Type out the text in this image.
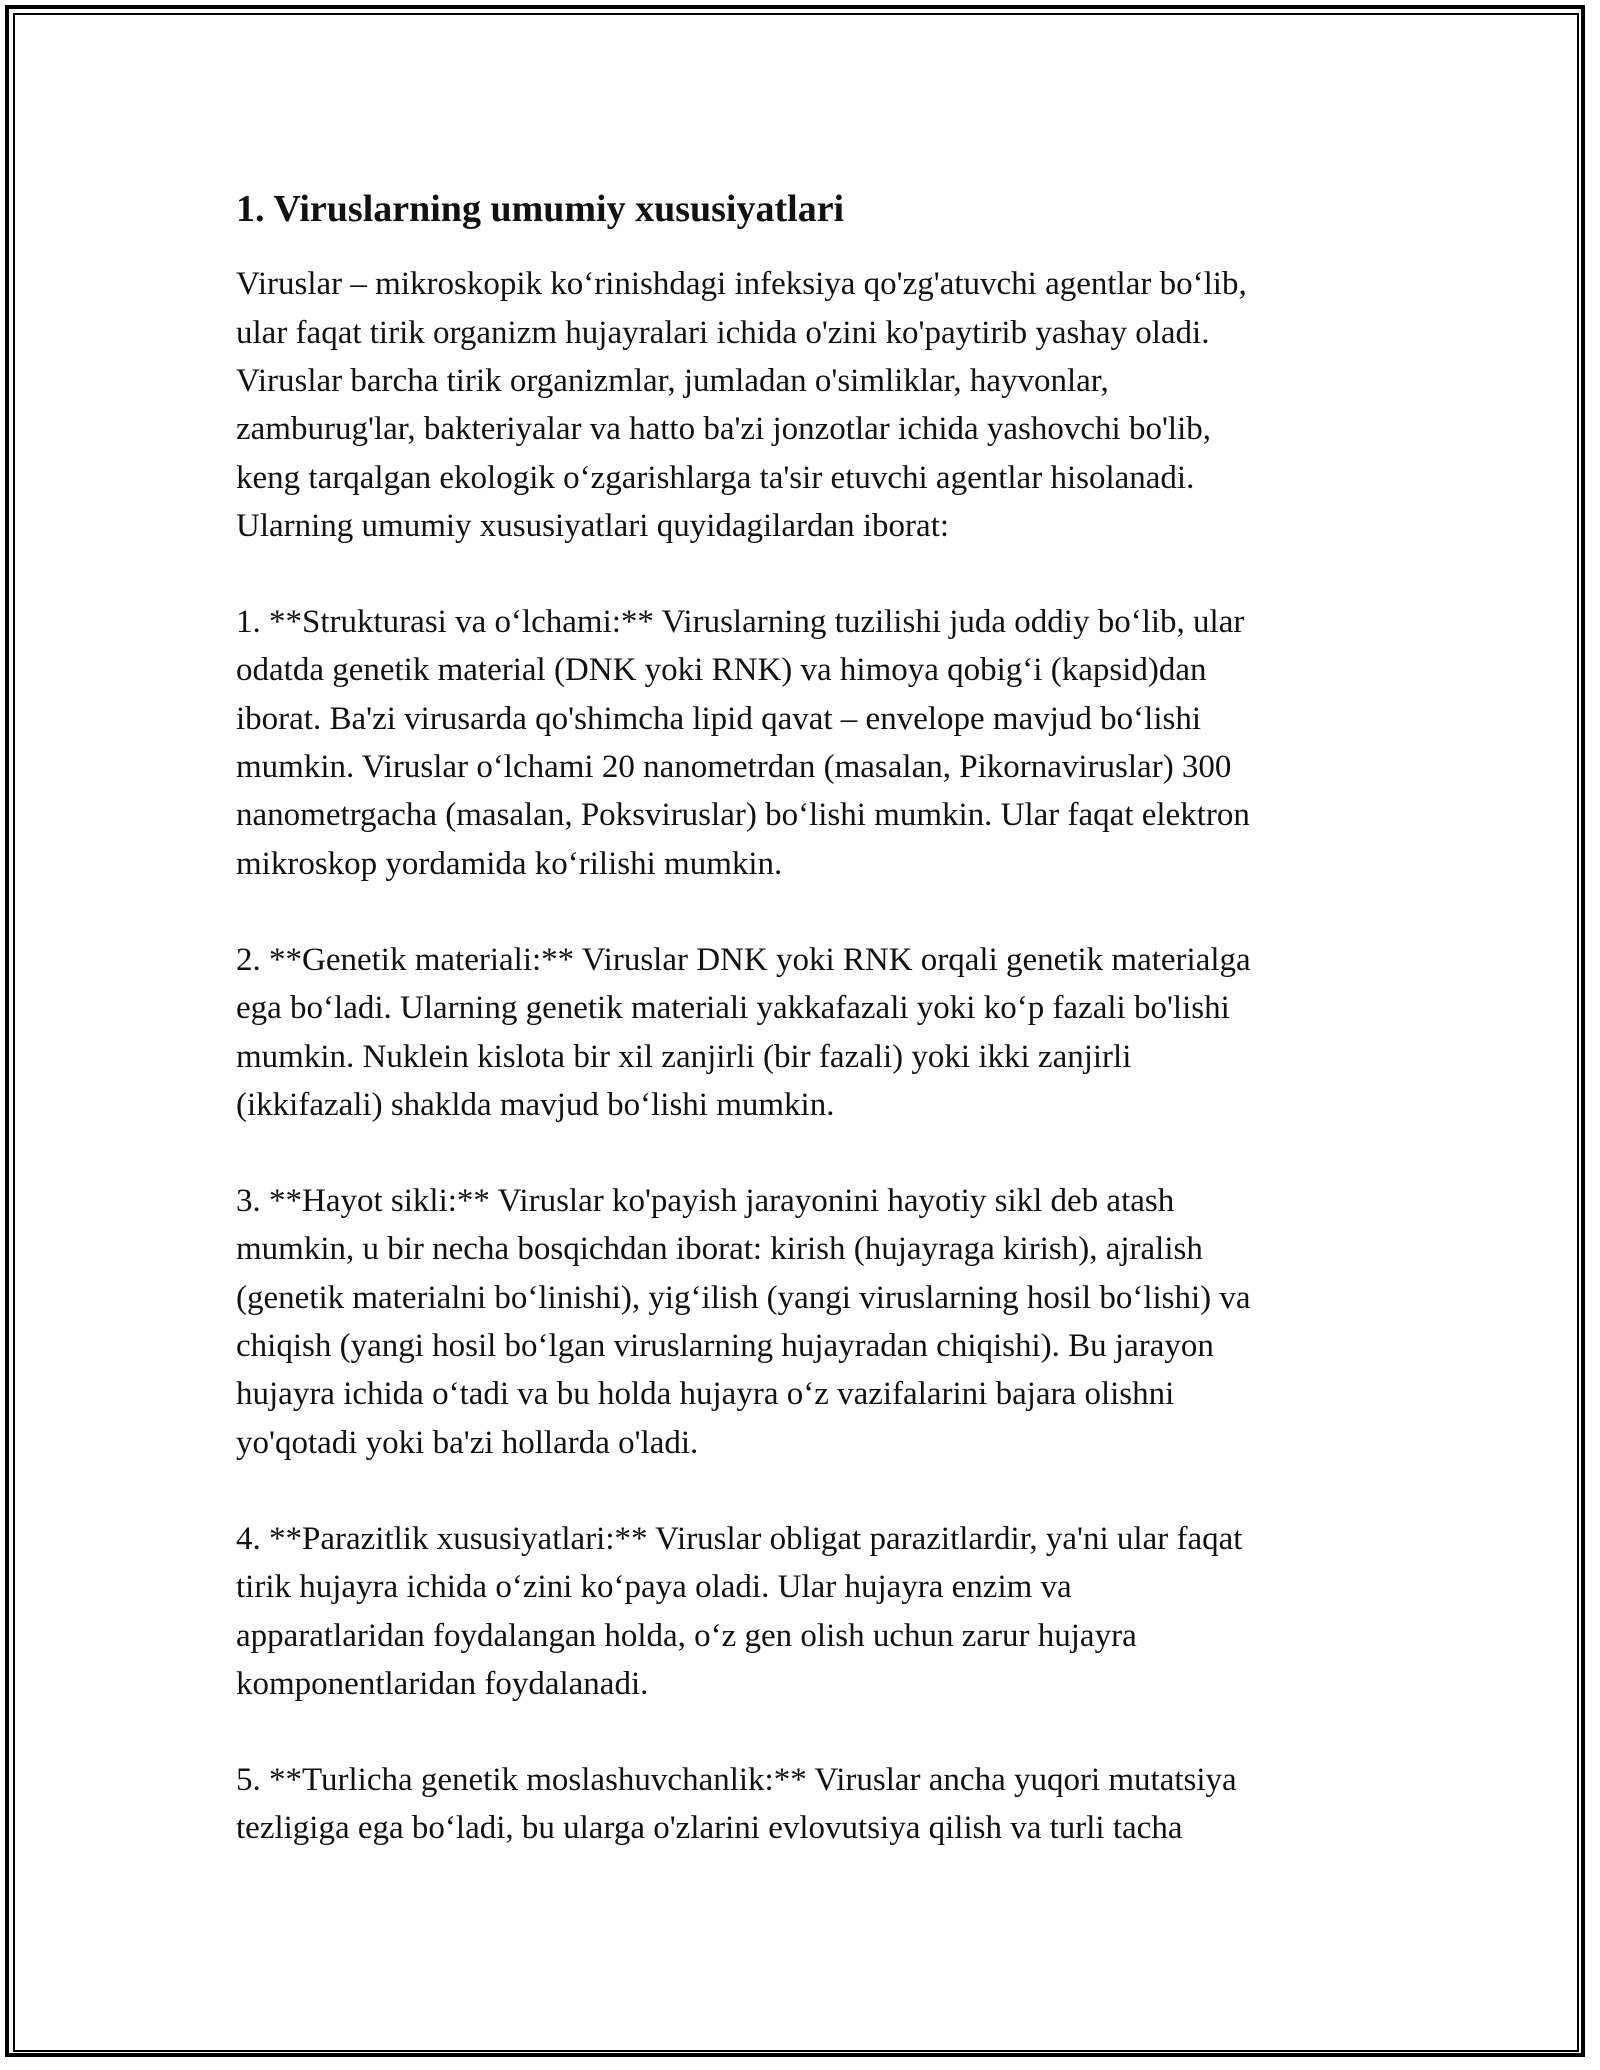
1. Viruslarning umumiy xususiyatlari
Viruslar – mikroskopik koʻrinishdagi infeksiya qo'zg'atuvchi agentlar boʻlib,
ular faqat tirik organizm hujayralari ichida o'zini ko'paytirib yashay oladi.
Viruslar barcha tirik organizmlar, jumladan o'simliklar, hayvonlar,
zamburug'lar, bakteriyalar va hatto ba'zi jonzotlar ichida yashovchi bo'lib,
keng tarqalgan ekologik oʻzgarishlarga ta'sir etuvchi agentlar hisolanadi.
Ularning umumiy xususiyatlari quyidagilardan iborat:
1. **Strukturasi va oʻlchami:** Viruslarning tuzilishi juda oddiy boʻlib, ular
odatda genetik material (DNK yoki RNK) va himoya qobigʻi (kapsid)dan
iborat. Ba'zi virusarda qo'shimcha lipid qavat – envelope mavjud boʻlishi
mumkin. Viruslar oʻlchami 20 nanometrdan (masalan, Pikornaviruslar) 300
nanometrgacha (masalan, Poksviruslar) boʻlishi mumkin. Ular faqat elektron
mikroskop yordamida koʻrilishi mumkin.
2. **Genetik materiali:** Viruslar DNK yoki RNK orqali genetik materialga
ega boʻladi. Ularning genetik materiali yakkafazali yoki koʻp fazali bo'lishi
mumkin. Nuklein kislota bir xil zanjirli (bir fazali) yoki ikki zanjirli
(ikkifazali) shaklda mavjud boʻlishi mumkin.
3. **Hayot sikli:** Viruslar ko'payish jarayonini hayotiy sikl deb atash
mumkin, u bir necha bosqichdan iborat: kirish (hujayraga kirish), ajralish
(genetik materialni boʻlinishi), yigʻilish (yangi viruslarning hosil boʻlishi) va
chiqish (yangi hosil boʻlgan viruslarning hujayradan chiqishi). Bu jarayon
hujayra ichida oʻtadi va bu holda hujayra oʻz vazifalarini bajara olishni
yo'qotadi yoki ba'zi hollarda o'ladi.
4. **Parazitlik xususiyatlari:** Viruslar obligat parazitlardir, ya'ni ular faqat
tirik hujayra ichida oʻzini koʻpaya oladi. Ular hujayra enzim va
apparatlaridan foydalangan holda, oʻz gen olish uchun zarur hujayra
komponentlaridan foydalanadi.
5. **Turlicha genetik moslashuvchanlik:** Viruslar ancha yuqori mutatsiya
tezligiga ega boʻladi, bu ularga o'zlarini evlovutsiya qilish va turli tacha
